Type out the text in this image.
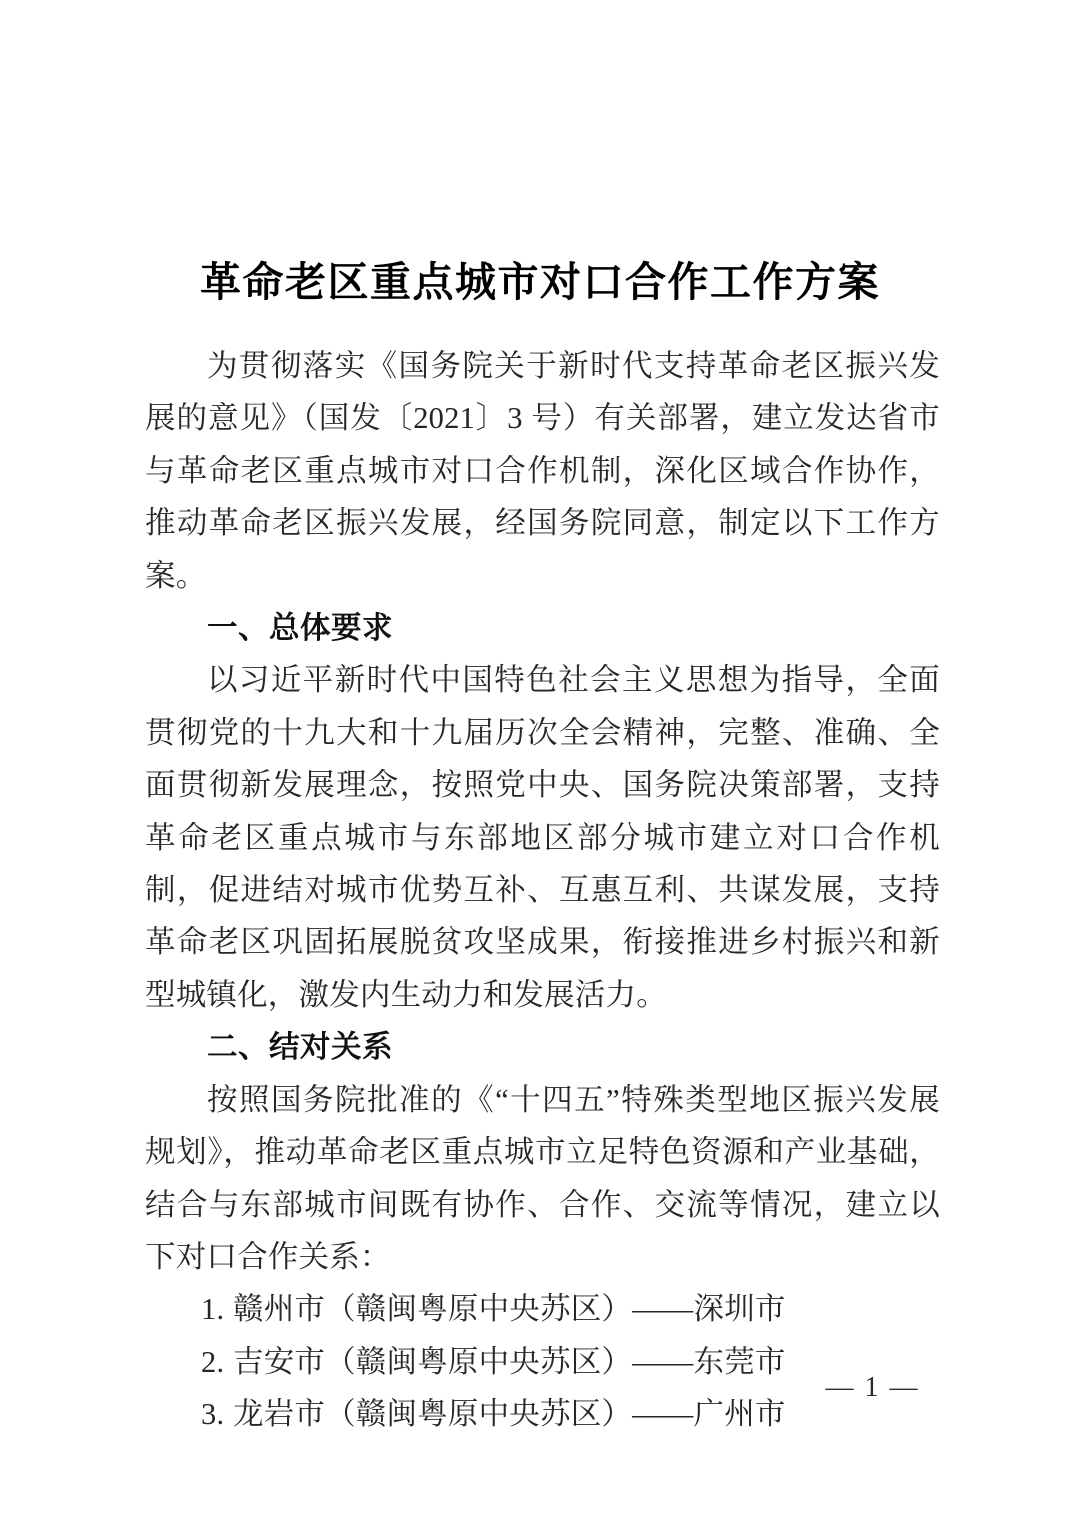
革命老区重点城市对口合作工作方案

为贯彻落实《国务院关于新时代支持革命老区振兴发展的意见》（国发〔2021〕3 号）有关部署，建立发达省市与革命老区重点城市对口合作机制，深化区域合作协作，推动革命老区振兴发展，经国务院同意，制定以下工作方案。

一、总体要求

以习近平新时代中国特色社会主义思想为指导，全面贯彻党的十九大和十九届历次全会精神，完整、准确、全面贯彻新发展理念，按照党中央、国务院决策部署，支持革命老区重点城市与东部地区部分城市建立对口合作机制，促进结对城市优势互补、互惠互利、共谋发展，支持革命老区巩固拓展脱贫攻坚成果，衔接推进乡村振兴和新型城镇化，激发内生动力和发展活力。

二、结对关系

按照国务院批准的《“十四五”特殊类型地区振兴发展规划》，推动革命老区重点城市立足特色资源和产业基础，结合与东部城市间既有协作、合作、交流等情况，建立以下对口合作关系：

1. 赣州市（赣闽粤原中央苏区）——深圳市
2. 吉安市（赣闽粤原中央苏区）——东莞市
3. 龙岩市（赣闽粤原中央苏区）——广州市
— 1 —
